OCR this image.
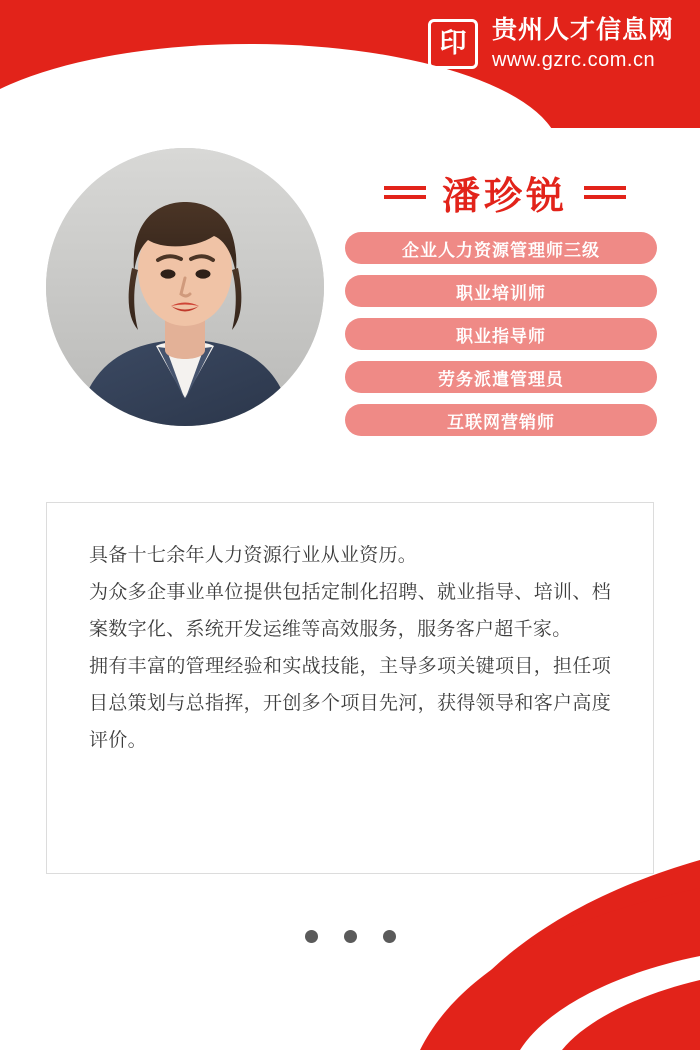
印 贵州人才信息网
www.gzrc.com.cn
潘珍锐
企业人力资源管理师三级
职业培训师
职业指导师
劳务派遣管理员
互联网营销师

具备十七余年人力资源行业从业资历。

为众多企事业单位提供包括定制化招聘、就业指导、培训、档案数字化、系统开发运维等高效服务，服务客户超千家。

拥有丰富的管理经验和实战技能，主导多项关键项目，担任项目总策划与总指挥，开创多个项目先河，获得领导和客户高度评价。
